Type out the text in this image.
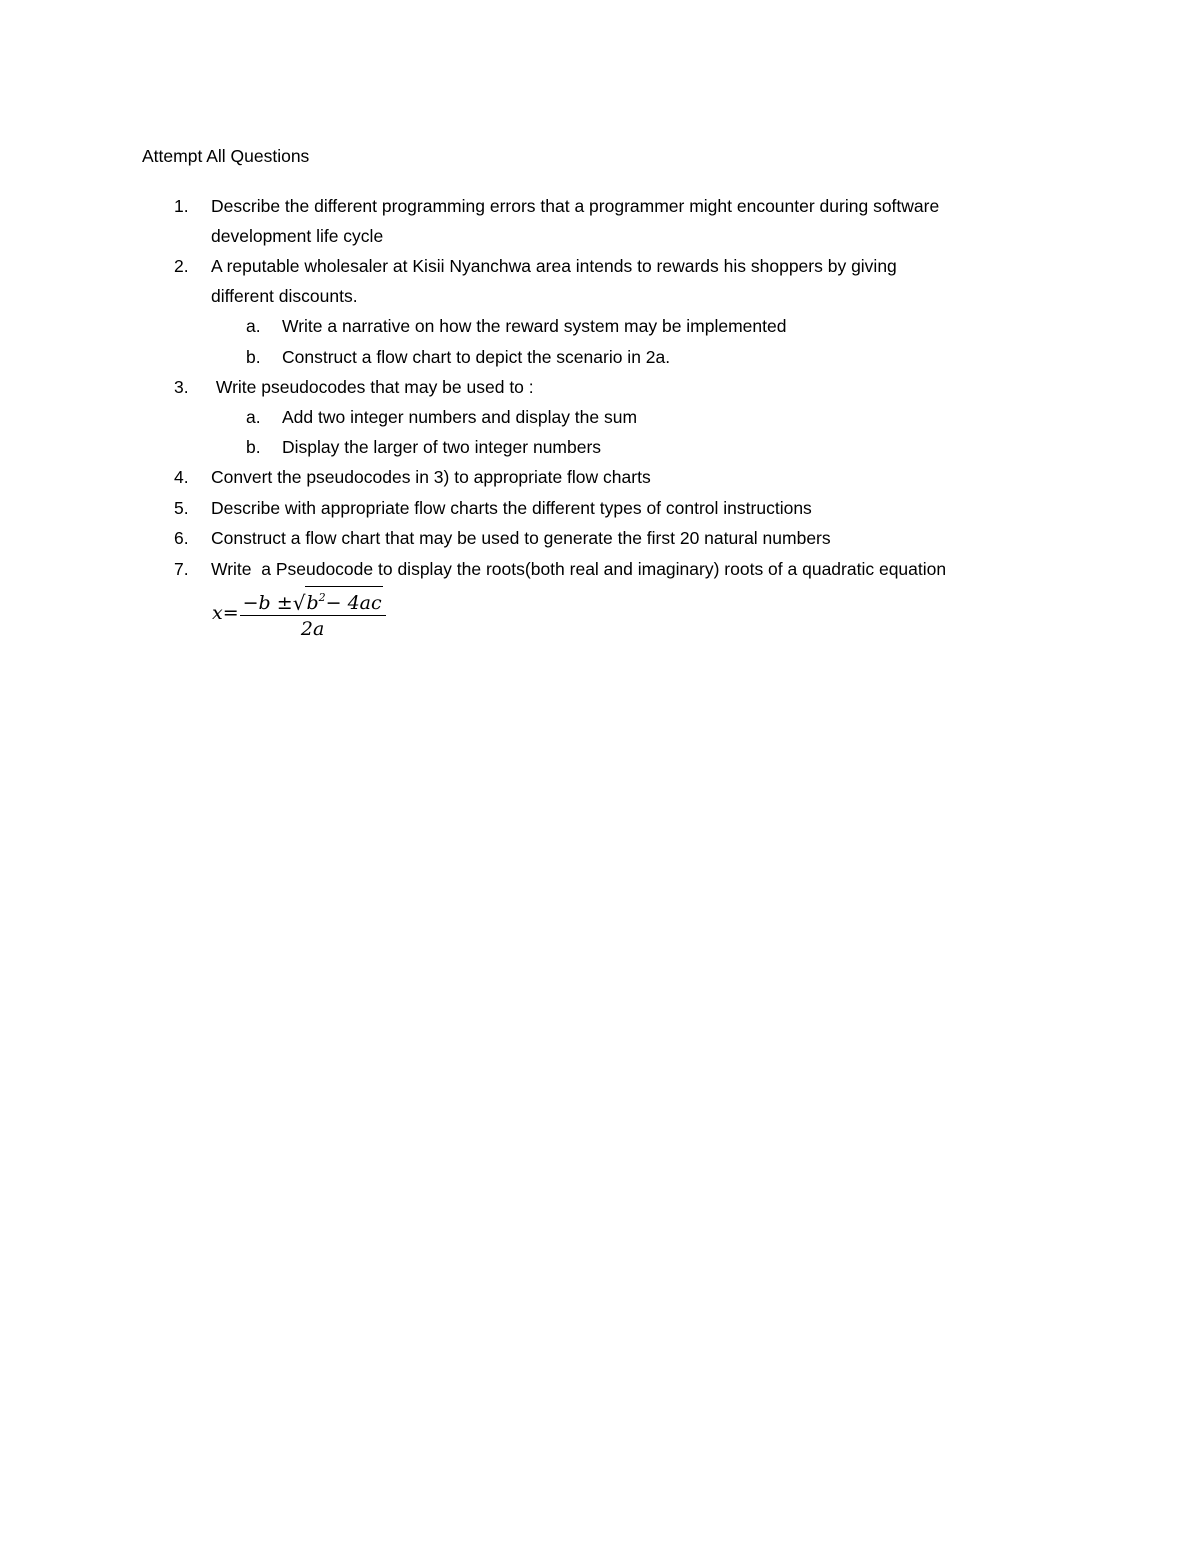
Attempt All Questions
1. Describe the different programming errors that a programmer might encounter during software
development life cycle
2. A reputable wholesaler at Kisii Nyanchwa area intends to rewards his shoppers by giving
different discounts.
a. Write a narrative on how the reward system may be implemented
b. Construct a flow chart to depict the scenario in 2a.
3. Write pseudocodes that may be used to :
a. Add two integer numbers and display the sum
b. Display the larger of two integer numbers
4. Convert the pseudocodes in 3) to appropriate flow charts
5. Describe with appropriate flow charts the different types of control instructions
6. Construct a flow chart that may be used to generate the first 20 natural numbers
7. Write  a Pseudocode to display the roots(both real and imaginary) roots of a quadratic equation
$x= \frac{-b \pm √ b^2- 4ac}{2a}$
